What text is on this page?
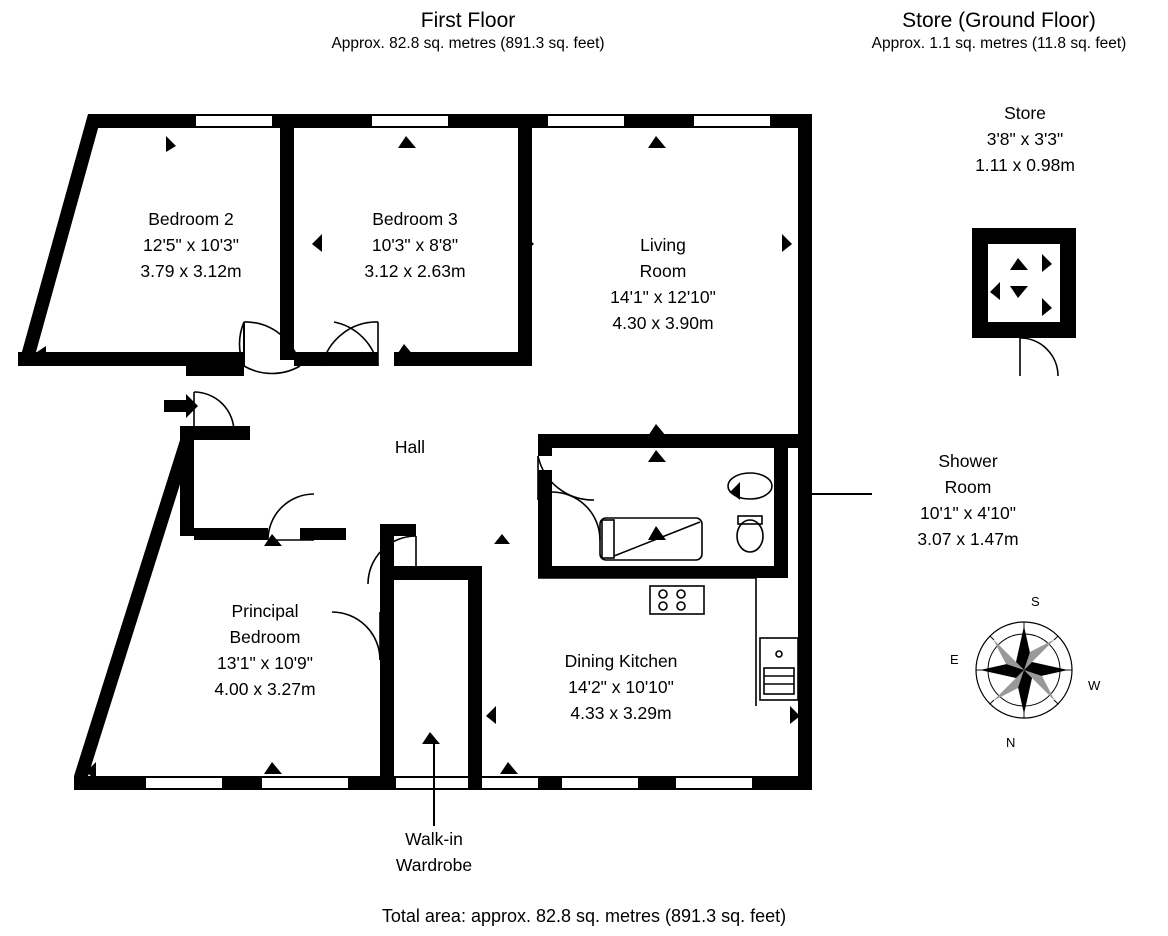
First Floor
Approx. 82.8 sq. metres (891.3 sq. feet)
Store (Ground Floor)
Approx. 1.1 sq. metres (11.8 sq. feet)
Bedroom 2
12'5" x 10'3"
3.79 x 3.12m
Bedroom 3
10'3" x 8'8"
3.12 x 2.63m
Living
Room
14'1" x 12'10"
4.30 x 3.90m
Hall
Principal
Bedroom
13'1" x 10'9"
4.00 x 3.27m
Dining Kitchen
14'2" x 10'10"
4.33 x 3.29m
Shower
Room
10'1" x 4'10"
3.07 x 1.47m
Walk-in
Wardrobe
Store
3'8" x 3'3"
1.11 x 0.98m
S
N
E
W
Total area: approx. 82.8 sq. metres (891.3 sq. feet)
